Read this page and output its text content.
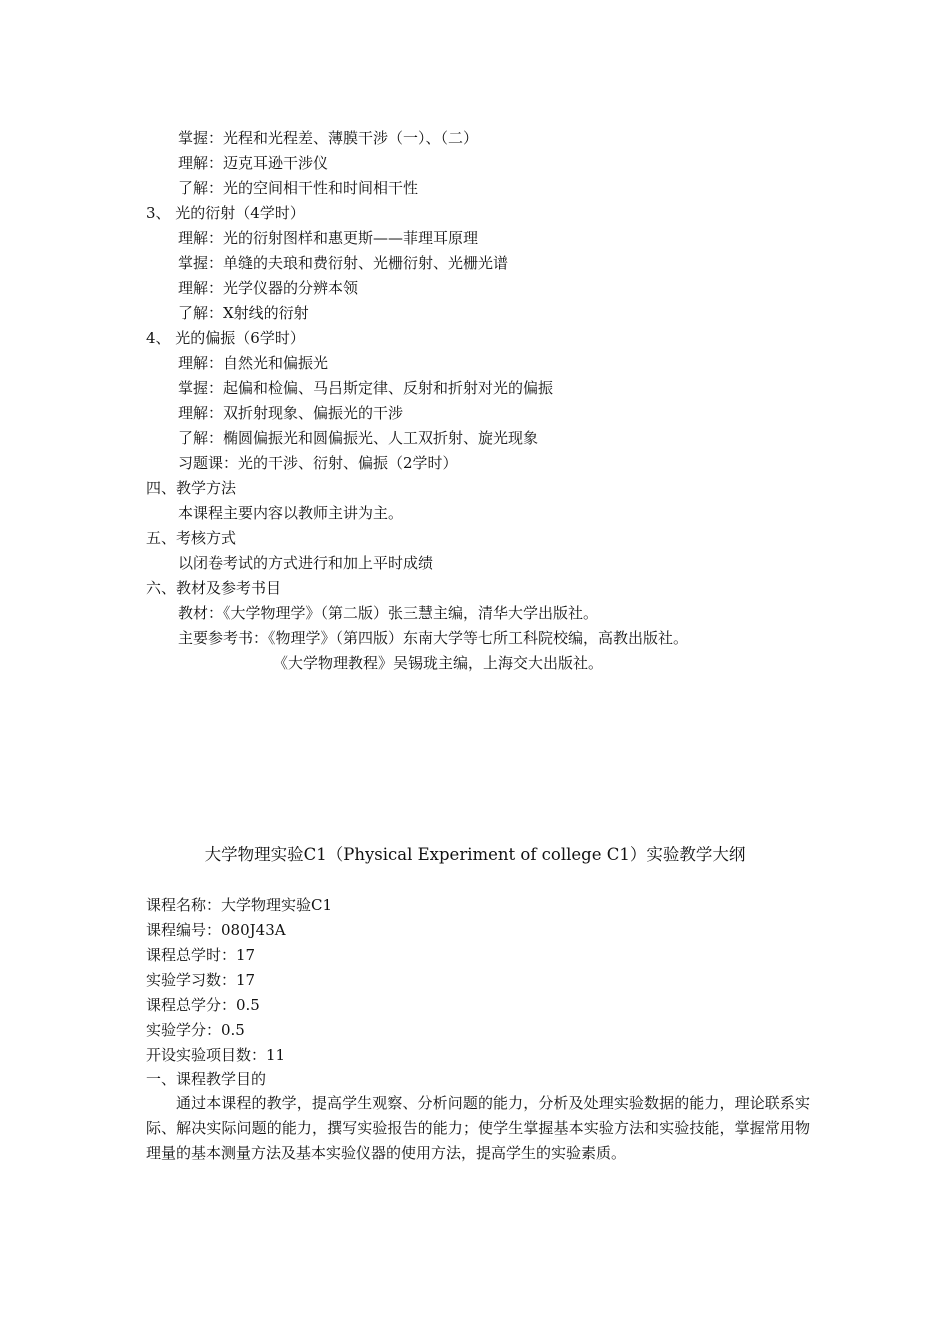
掌握：光程和光程差、薄膜干涉（一）、（二）
理解：迈克耳逊干涉仪
了解：光的空间相干性和时间相干性
3、 光的衍射（4学时）
理解：光的衍射图样和惠更斯——菲理耳原理
掌握：单缝的夫琅和费衍射、光栅衍射、光栅光谱
理解：光学仪器的分辨本领
了解：X射线的衍射
4、 光的偏振（6学时）
理解：自然光和偏振光
掌握：起偏和检偏、马吕斯定律、反射和折射对光的偏振
理解：双折射现象、偏振光的干涉
了解：椭圆偏振光和圆偏振光、人工双折射、旋光现象
习题课：光的干涉、衍射、偏振（2学时）
四、教学方法
本课程主要内容以教师主讲为主。
五、考核方式
以闭卷考试的方式进行和加上平时成绩
六、教材及参考书目
教材：《大学物理学》（第二版）张三慧主编，清华大学出版社。
主要参考书：《物理学》（第四版）东南大学等七所工科院校编，高教出版社。
《大学物理教程》吴锡珑主编，上海交大出版社。
大学物理实验C1（Physical Experiment of college C1）实验教学大纲
课程名称：大学物理实验C1
课程编号：080J43A
课程总学时：17
实验学习数：17
课程总学分：0.5
实验学分：0.5
开设实验项目数：11
一、课程教学目的
通过本课程的教学，提高学生观察、分析问题的能力，分析及处理实验数据的能力，理论联系实际、解决实际问题的能力，撰写实验报告的能力；使学生掌握基本实验方法和实验技能，掌握常用物理量的基本测量方法及基本实验仪器的使用方法，提高学生的实验素质。
